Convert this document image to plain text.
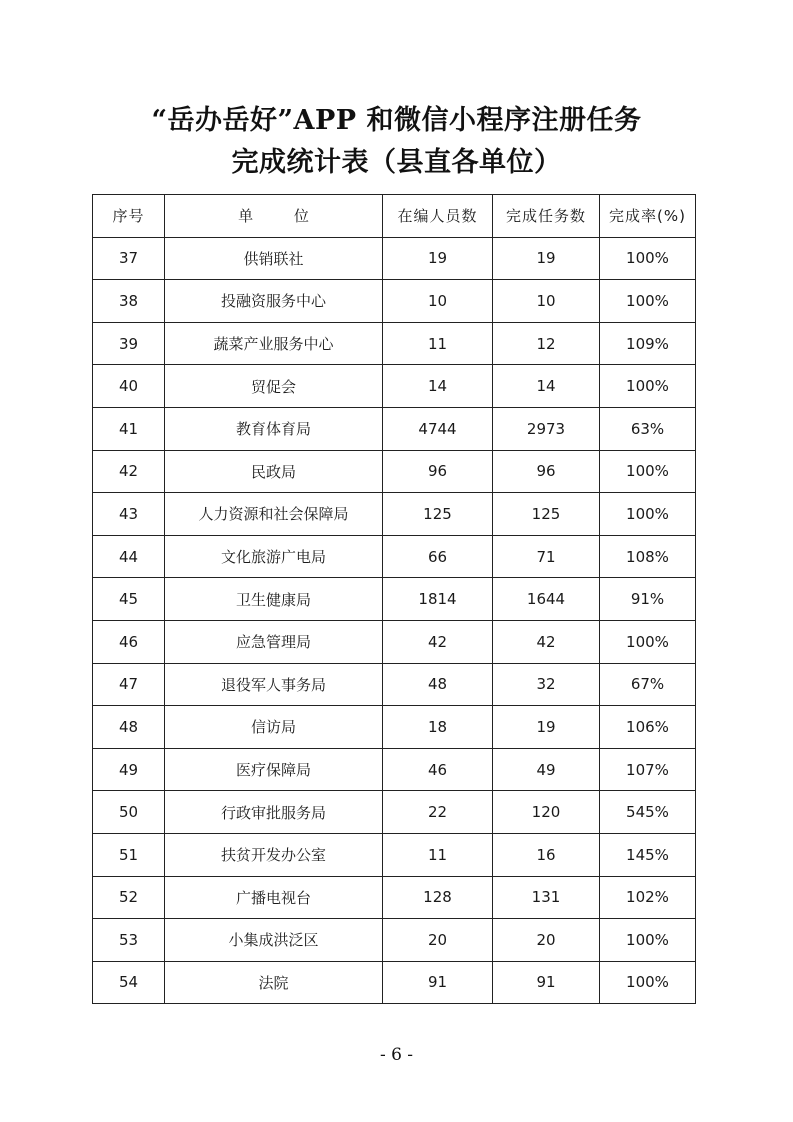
“岳办岳好”APP 和微信小程序注册任务
完成统计表（县直各单位）
序号	单 位	在编人员数	完成任务数	完成率(%)
37	供销联社	19	19	100%
38	投融资服务中心	10	10	100%
39	蔬菜产业服务中心	11	12	109%
40	贸促会	14	14	100%
41	教育体育局	4744	2973	63%
42	民政局	96	96	100%
43	人力资源和社会保障局	125	125	100%
44	文化旅游广电局	66	71	108%
45	卫生健康局	1814	1644	91%
46	应急管理局	42	42	100%
47	退役军人事务局	48	32	67%
48	信访局	18	19	106%
49	医疗保障局	46	49	107%
50	行政审批服务局	22	120	545%
51	扶贫开发办公室	11	16	145%
52	广播电视台	128	131	102%
53	小集成洪泛区	20	20	100%
54	法院	91	91	100%
- 6 -
